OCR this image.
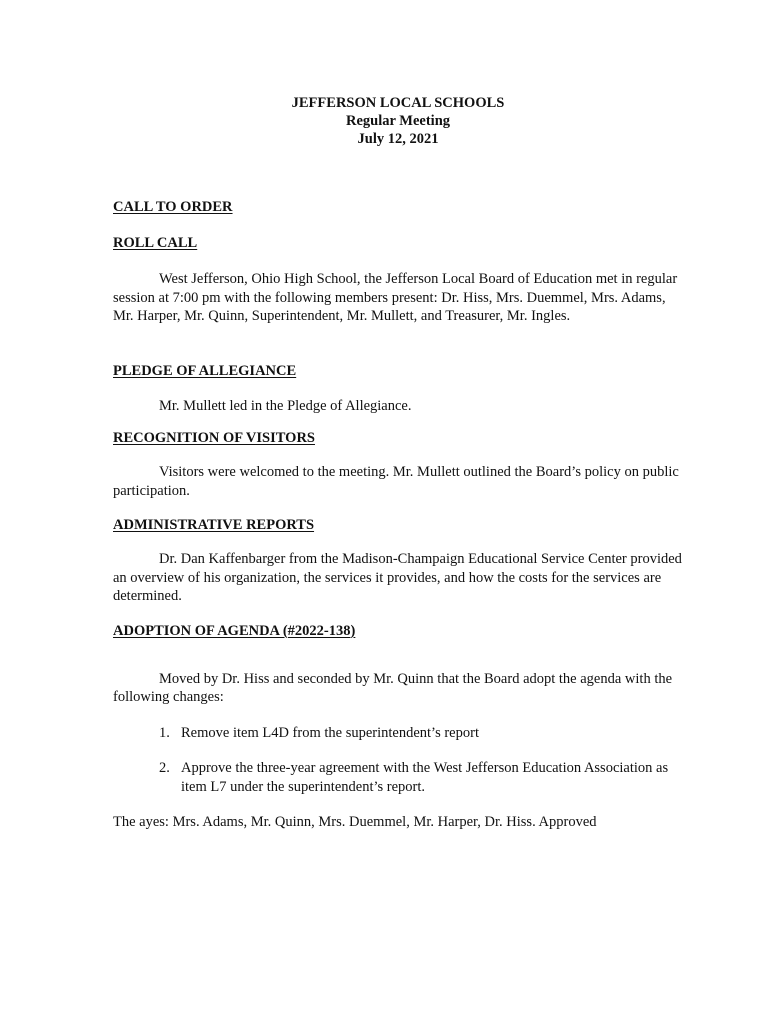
JEFFERSON LOCAL SCHOOLS
Regular Meeting
July 12, 2021

CALL TO ORDER

ROLL CALL

West Jefferson, Ohio High School, the Jefferson Local Board of Education met in regular session at 7:00 pm with the following members present: Dr. Hiss, Mrs. Duemmel, Mrs. Adams, Mr. Harper, Mr. Quinn, Superintendent, Mr. Mullett, and Treasurer, Mr. Ingles.

PLEDGE OF ALLEGIANCE

Mr. Mullett led in the Pledge of Allegiance.

RECOGNITION OF VISITORS

Visitors were welcomed to the meeting. Mr. Mullett outlined the Board’s policy on public participation.

ADMINISTRATIVE REPORTS

Dr. Dan Kaffenbarger from the Madison-Champaign Educational Service Center provided an overview of his organization, the services it provides, and how the costs for the services are determined.

ADOPTION OF AGENDA (#2022-138)

Moved by Dr. Hiss and seconded by Mr. Quinn that the Board adopt the agenda with the following changes:

1. Remove item L4D from the superintendent’s report
2. Approve the three-year agreement with the West Jefferson Education Association as item L7 under the superintendent’s report.

The ayes: Mrs. Adams, Mr. Quinn, Mrs. Duemmel, Mr. Harper, Dr. Hiss. Approved
